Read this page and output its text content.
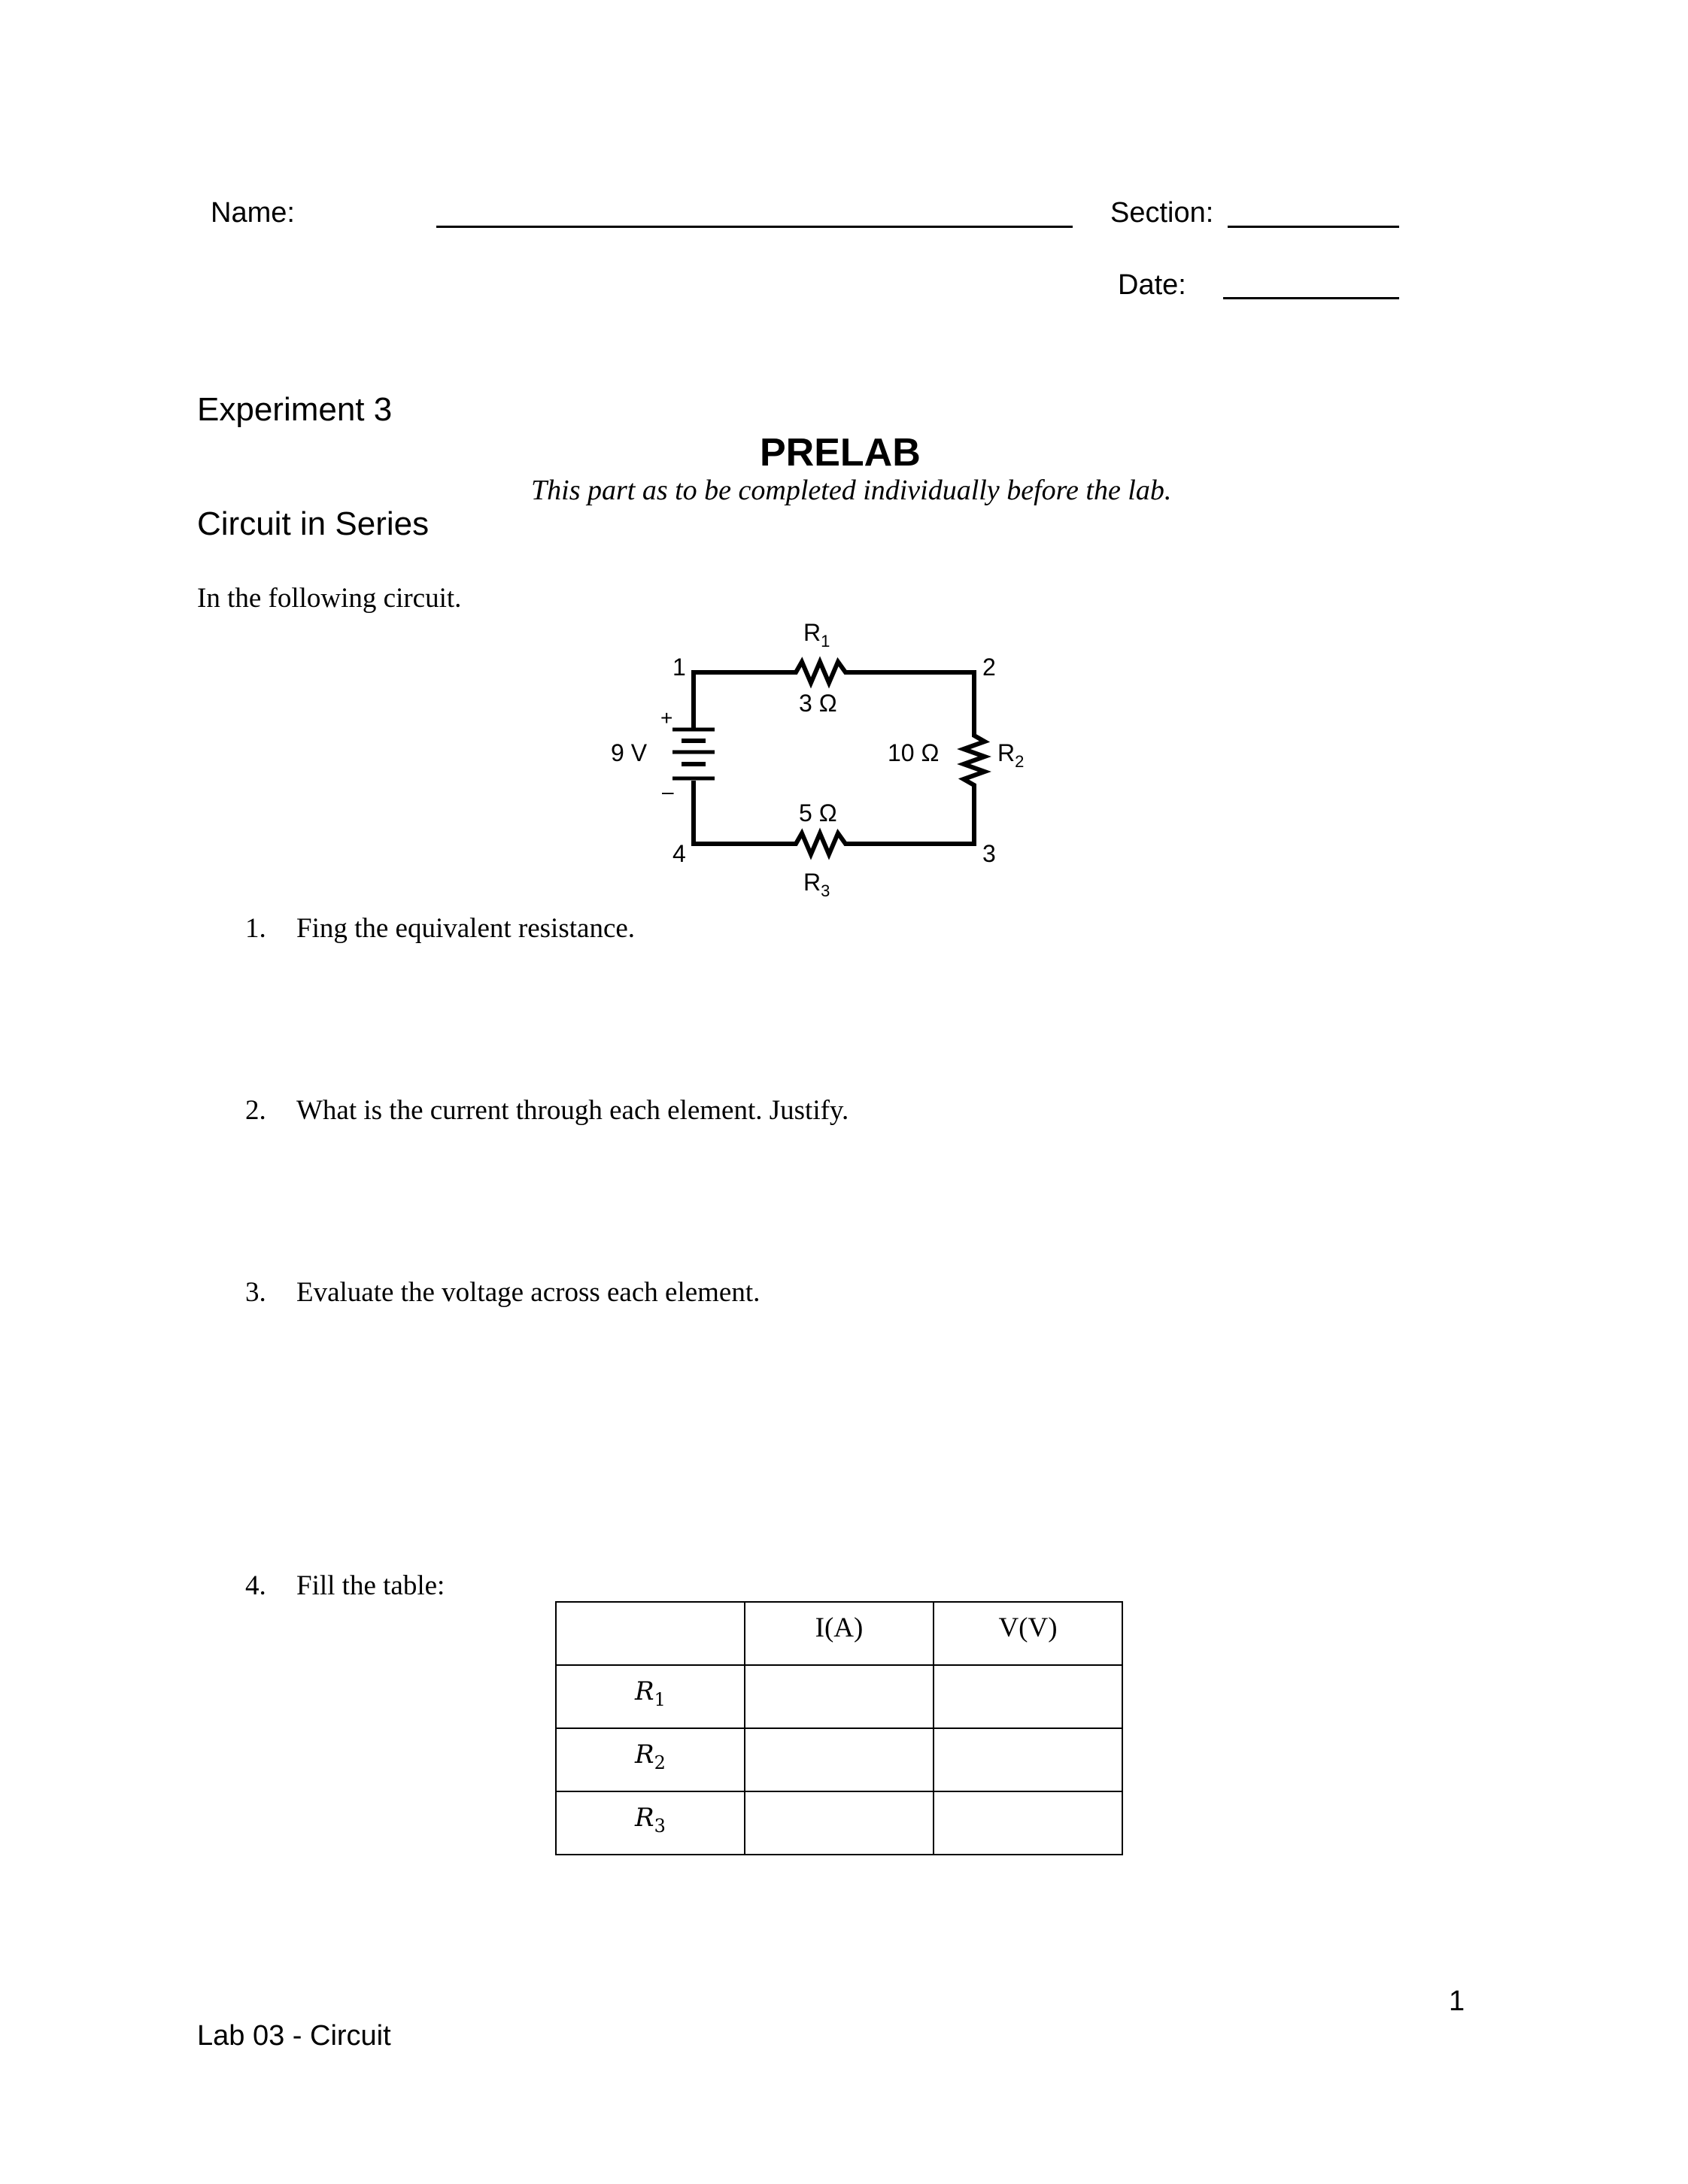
Name:	Section:
Date:
Experiment 3
PRELAB
This part as to be completed individually before the lab.
Circuit in Series
In the following circuit.
9 V
+
–
1	2
3
4
$R_1$
3 Ω
$R_2$
10 Ω
5 Ω
$R_3$
1. Fing the equivalent resistance.
2. What is the current through each element. Justify.
3. Evaluate the voltage across each element.
4. Fill the table:
	I(A)	V(V)
$R_1$		
$R_2$		
$R_3$		
1
Lab 03 - Circuit
